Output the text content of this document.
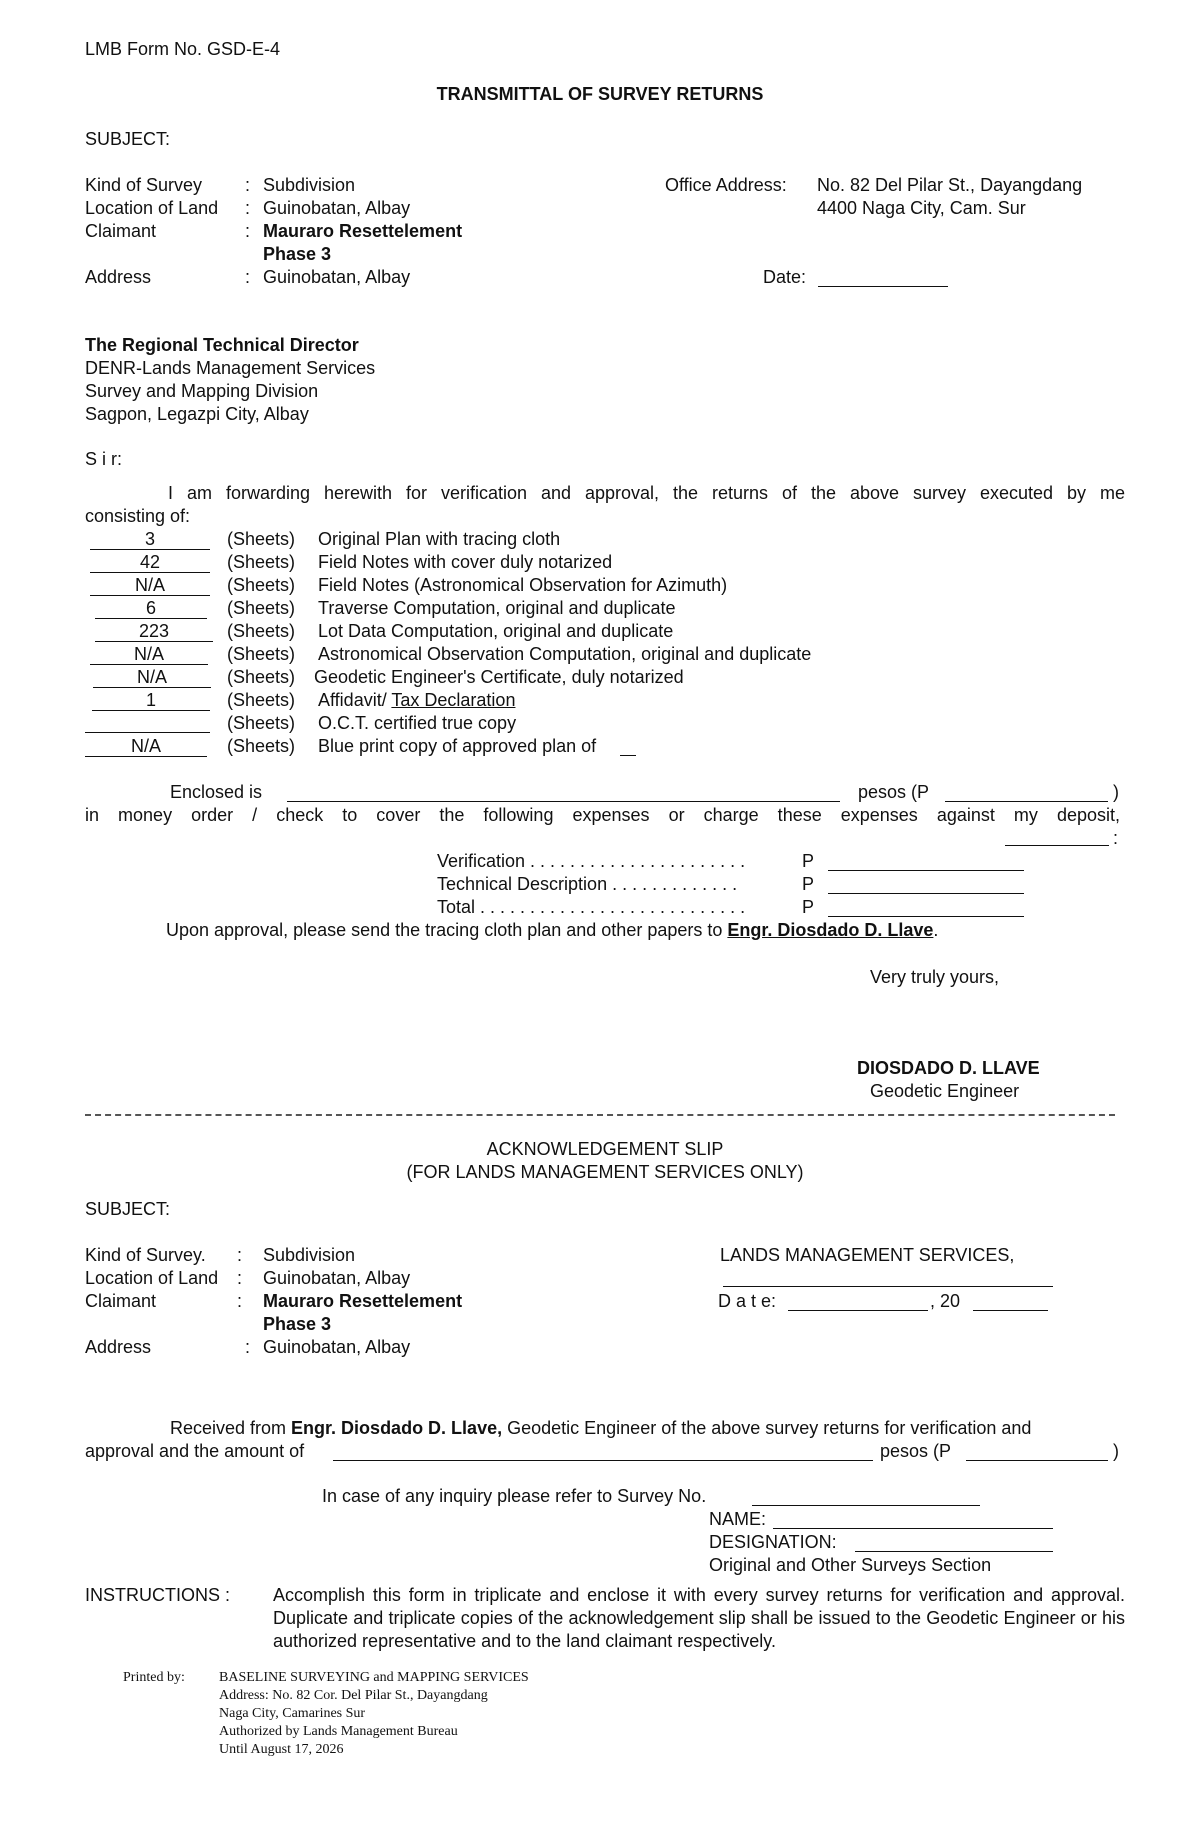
LMB Form No. GSD-E-4
TRANSMITTAL OF SURVEY RETURNS
SUBJECT:
Kind of Survey : Subdivision
Location of Land : Guinobatan, Albay
Claimant	: Mauraro Resettelement
Phase 3
Address	: Guinobatan, Albay
Office Address: No. 82 Del Pilar St., Dayangdang
4400 Naga City, Cam. Sur
Date:
The Regional Technical Director
DENR-Lands Management Services
Survey and Mapping Division
Sagpon, Legazpi City, Albay
S i r:
I am forwarding herewith for verification and approval, the returns of the above survey executed by me
consisting of:
3	(Sheets) Original Plan with tracing cloth
42	(Sheets) Field Notes with cover duly notarized
N/A	(Sheets) Field Notes (Astronomical Observation for Azimuth)
6	(Sheets) Traverse Computation, original and duplicate
223	(Sheets) Lot Data Computation, original and duplicate
N/A	(Sheets) Astronomical Observation Computation, original and duplicate
N/A	(Sheets) Geodetic Engineer's Certificate, duly notarized
1	(Sheets) Affidavit/ Tax Declaration
(Sheets) O.C.T. certified true copy
N/A	(Sheets) Blue print copy of approved plan of
Enclosed is	pesos (P	)
in money order / check to cover the following expenses or charge these expenses against my deposit,
:
Verification . . . . . . . . . . . . . . . . . . . . . .	P
Technical Description . . . . . . . . . . . . .	P
Total . . . . . . . . . . . . . . . . . . . . . . . . . . .	P
Upon approval, please send the tracing cloth plan and other papers to Engr. Diosdado D. Llave.
Very truly yours,
DIOSDADO D. LLAVE
Geodetic Engineer
ACKNOWLEDGEMENT SLIP
(FOR LANDS MANAGEMENT SERVICES ONLY)
SUBJECT:
Kind of Survey. : Subdivision
Location of Land : Guinobatan, Albay
Claimant	: Mauraro Resettelement
Phase 3
Address	: Guinobatan, Albay
LANDS MANAGEMENT SERVICES,
D a t e:	, 20
Received from Engr. Diosdado D. Llave, Geodetic Engineer of the above survey returns for verification and
approval and the amount of	pesos (P	)
In case of any inquiry please refer to Survey No.
NAME:
DESIGNATION:
Original and Other Surveys Section
INSTRUCTIONS : Accomplish this form in triplicate and enclose it with every survey returns for verification and approval. Duplicate and triplicate copies of the acknowledgement slip shall be issued to the Geodetic Engineer or his authorized representative and to the land claimant respectively.
Printed by: BASELINE SURVEYING and MAPPING SERVICES
Address: No. 82 Cor. Del Pilar St., Dayangdang
Naga City, Camarines Sur
Authorized by Lands Management Bureau
Until August 17, 2026
